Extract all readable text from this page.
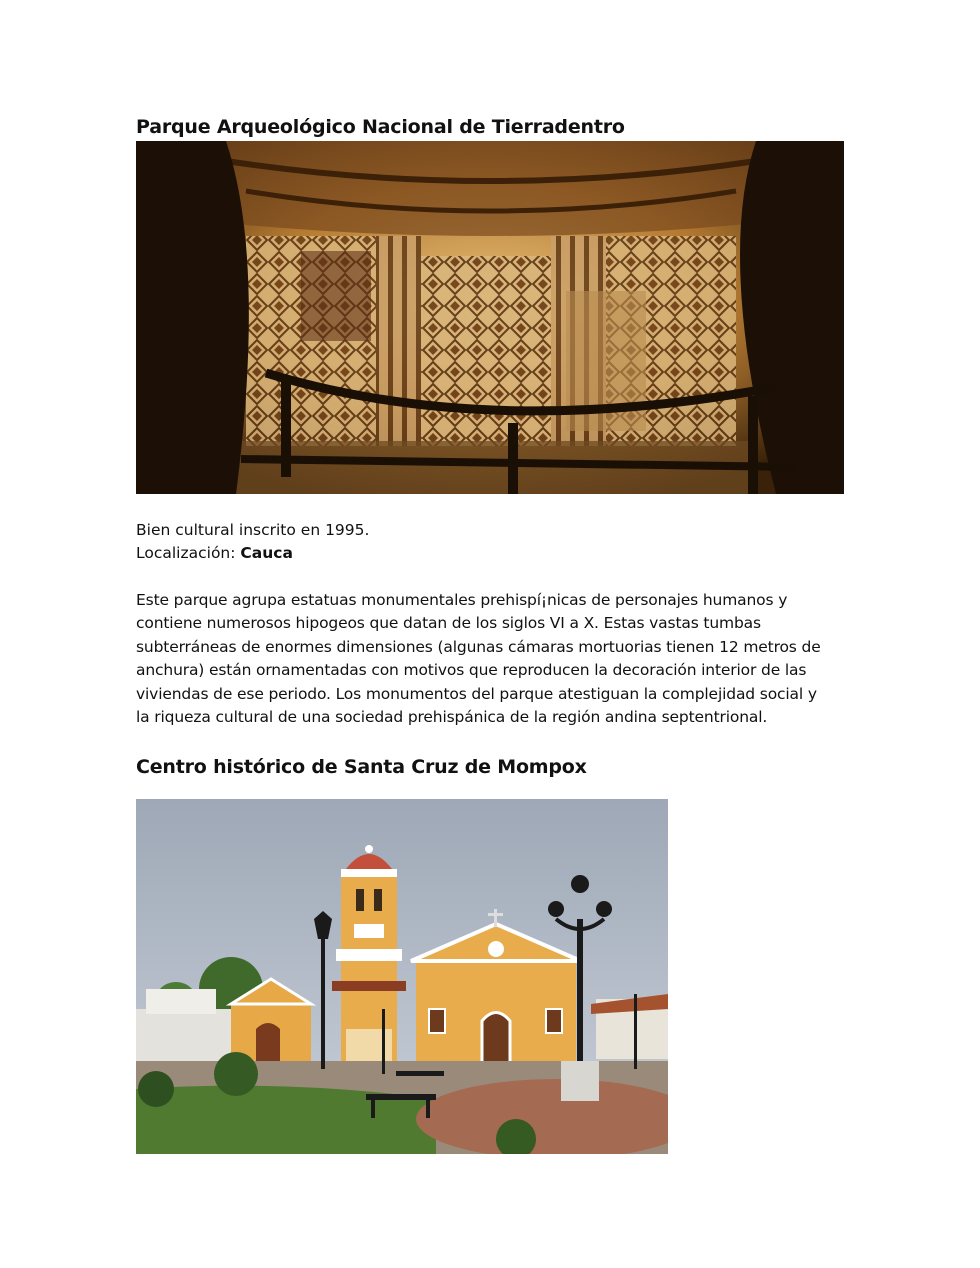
Parque Arqueológico Nacional de Tierradentro
Bien cultural inscrito en 1995.
Localización: Cauca
Este parque agrupa estatuas monumentales prehispí¡nicas de personajes humanos y
contiene numerosos hipogeos que datan de los siglos VI a X. Estas vastas tumbas
subterráneas de enormes dimensiones (algunas cámaras mortuorias tienen 12 metros de
anchura) están ornamentadas con motivos que reproducen la decoración interior de las
viviendas de ese periodo. Los monumentos del parque atestiguan la complejidad social y
la riqueza cultural de una sociedad prehispánica de la región andina septentrional.
Centro histórico de Santa Cruz de Mompox
